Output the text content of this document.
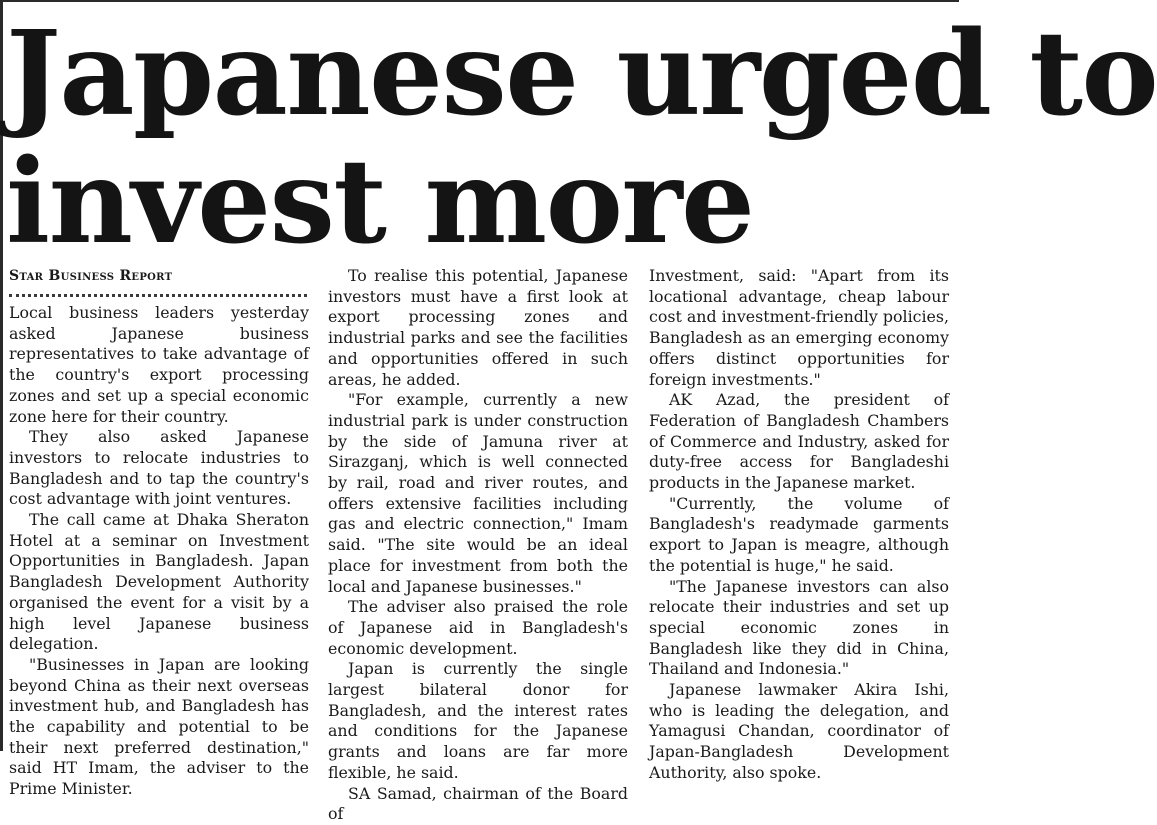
Japanese urged to
invest more
Star Business Report

Local business leaders yesterday asked Japanese business representatives to take advantage of the country's export processing zones and set up a special economic zone here for their country.

They also asked Japanese investors to relocate industries to Bangladesh and to tap the country's cost advantage with joint ventures.

The call came at Dhaka Sheraton Hotel at a seminar on Investment Opportunities in Bangladesh. Japan Bangladesh Development Authority organised the event for a visit by a high level Japanese business delegation.

"Businesses in Japan are looking beyond China as their next overseas investment hub, and Bangladesh has the capability and potential to be their next preferred destination," said HT Imam, the adviser to the Prime Minister.

To realise this potential, Japanese investors must have a first look at export processing zones and industrial parks and see the facilities and opportunities offered in such areas, he added.

"For example, currently a new industrial park is under construction by the side of Jamuna river at Sirazganj, which is well connected by rail, road and river routes, and offers extensive facilities including gas and electric connection," Imam said. "The site would be an ideal place for investment from both the local and Japanese businesses."

The adviser also praised the role of Japanese aid in Bangladesh's economic development.

Japan is currently the single largest bilateral donor for Bangladesh, and the interest rates and conditions for the Japanese grants and loans are far more flexible, he said.

SA Samad, chairman of the Board of

Investment, said: "Apart from its locational advantage, cheap labour cost and investment-friendly policies, Bangladesh as an emerging economy offers distinct opportunities for foreign investments."

AK Azad, the president of Federation of Bangladesh Chambers of Commerce and Industry, asked for duty-free access for Bangladeshi products in the Japanese market.

"Currently, the volume of Bangladesh's readymade garments export to Japan is meagre, although the potential is huge," he said.

"The Japanese investors can also relocate their industries and set up special economic zones in Bangladesh like they did in China, Thailand and Indonesia."

Japanese lawmaker Akira Ishi, who is leading the delegation, and Yamagusi Chandan, coordinator of Japan-Bangladesh Development Authority, also spoke.
